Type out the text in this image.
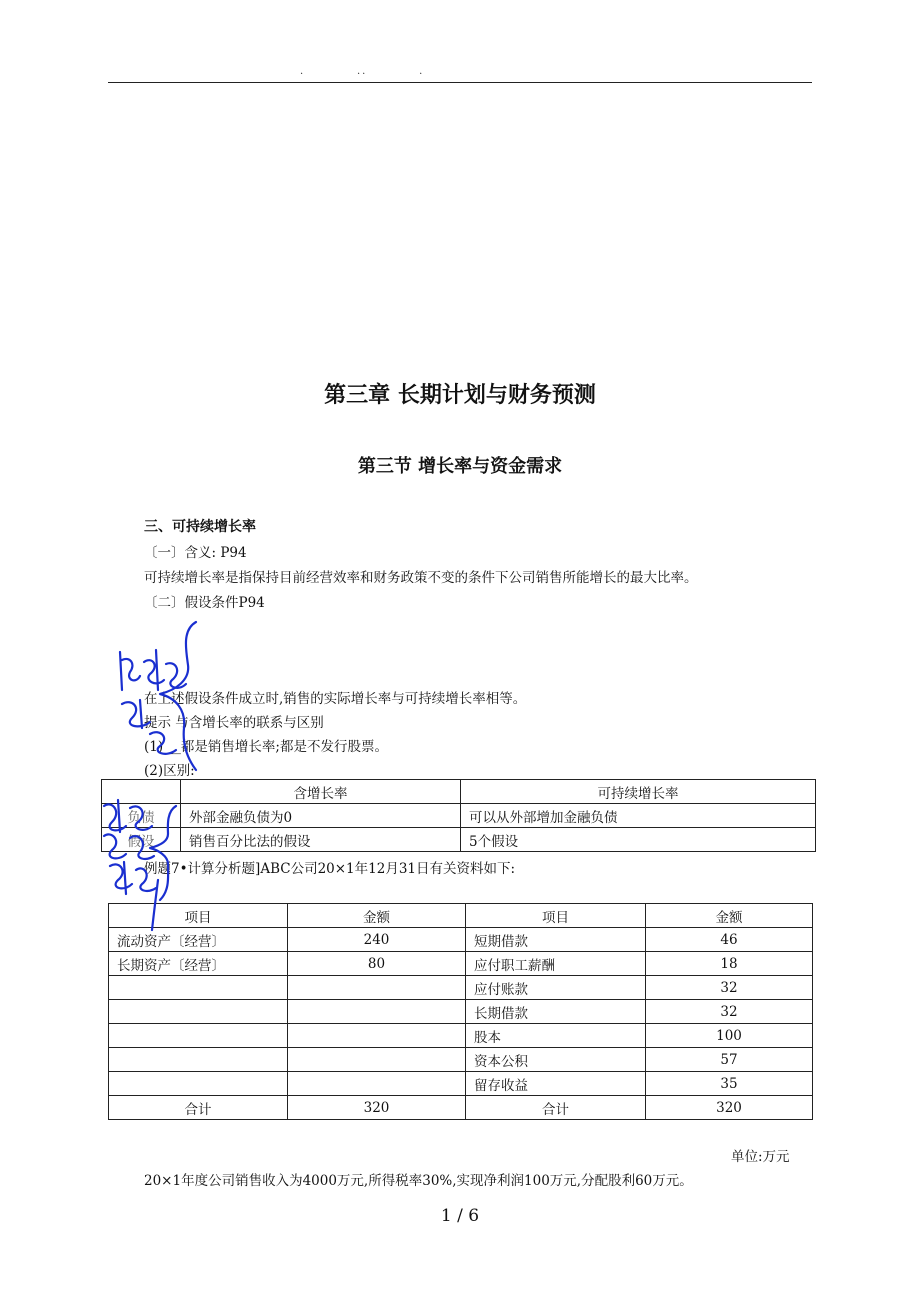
.          ..          .
第三章 长期计划与财务预测
第三节 增长率与资金需求
三、可持续增长率
〔一〕含义: P94
可持续增长率是指保持目前经营效率和财务政策不变的条件下公司销售所能增长的最大比率。
〔二〕假设条件P94
在上述假设条件成立时,销售的实际增长率与可持续增长率相等。
提示 与含增长率的联系与区别
(1) __都是销售增长率;都是不发行股票。
(2)区别:
	含增长率	可持续增长率
负债	外部金融负债为0	可以从外部增加金融负债
假设	销售百分比法的假设	5个假设
例题7•计算分析题]ABC公司20×1年12月31日有关资料如下:
项目	金额	项目	金额
流动资产〔经营〕	240	短期借款	46
长期资产〔经营〕	80	应付职工薪酬	18
		应付账款	32
		长期借款	32
		股本	100
		资本公积	57
		留存收益	35
合计	320	合计	320
单位:万元
20×1年度公司销售收入为4000万元,所得税率30%,实现净利润100万元,分配股利60万元。
1 / 6
